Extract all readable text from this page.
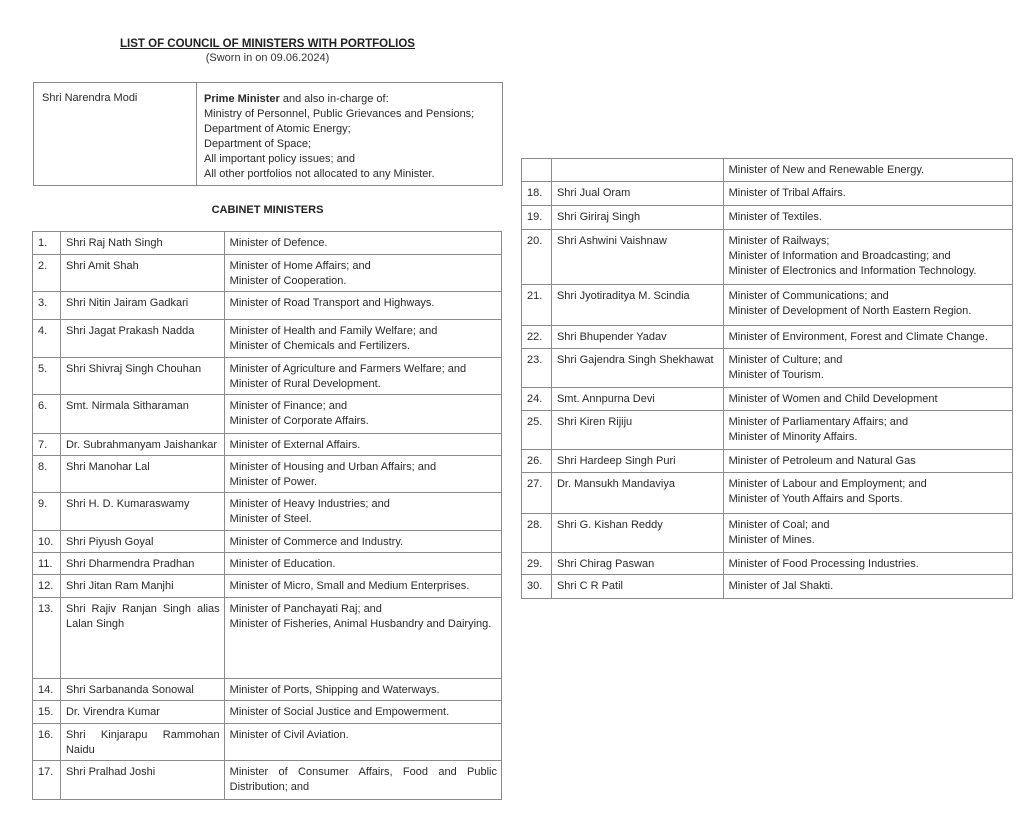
LIST OF COUNCIL OF MINISTERS WITH PORTFOLIOS
(Sworn in on 09.06.2024)
Shri Narendra Modi	Prime Minister and also in-charge of:
Ministry of Personnel, Public Grievances and Pensions;
Department of Atomic Energy;
Department of Space;
All important policy issues; and
All other portfolios not allocated to any Minister.
CABINET MINISTERS
1.	Shri Raj Nath Singh	Minister of Defence.

2.	Shri Amit Shah	Minister of Home Affairs; and
Minister of Cooperation.

3.	Shri Nitin Jairam Gadkari	Minister of Road Transport and Highways.

4.	Shri Jagat Prakash Nadda	Minister of Health and Family Welfare; and
Minister of Chemicals and Fertilizers.

5.	Shri Shivraj Singh Chouhan	Minister of Agriculture and Farmers Welfare; and
Minister of Rural Development.

6.	Smt. Nirmala Sitharaman	Minister of Finance; and
Minister of Corporate Affairs.

7.	Dr. Subrahmanyam Jaishankar	Minister of External Affairs.

8.	Shri Manohar Lal	Minister of Housing and Urban Affairs; and
Minister of Power.

9.	Shri H. D. Kumaraswamy	Minister of Heavy Industries; and
Minister of Steel.

10.	Shri Piyush Goyal	Minister of Commerce and Industry.

11.	Shri Dharmendra Pradhan	Minister of Education.

12.	Shri Jitan Ram Manjhi	Minister of Micro, Small and Medium Enterprises.

13.	Shri Rajiv Ranjan Singh alias Lalan Singh	Minister of Panchayati Raj; and
Minister of Fisheries, Animal Husbandry and Dairying.

14.	Shri Sarbananda Sonowal	Minister of Ports, Shipping and Waterways.

15.	Dr. Virendra Kumar	Minister of Social Justice and Empowerment.

16.	Shri Kinjarapu Rammohan Naidu	Minister of Civil Aviation.

17.	Shri Pralhad Joshi	Minister of Consumer Affairs, Food and Public Distribution; and

		Minister of New and Renewable Energy.

18.	Shri Jual Oram	Minister of Tribal Affairs.

19.	Shri Giriraj Singh	Minister of Textiles.

20.	Shri Ashwini Vaishnaw	Minister of Railways;
Minister of Information and Broadcasting; and
Minister of Electronics and Information Technology.

21.	Shri Jyotiraditya M. Scindia	Minister of Communications; and
Minister of Development of North Eastern Region.

22.	Shri Bhupender Yadav	Minister of Environment, Forest and Climate Change.

23.	Shri Gajendra Singh Shekhawat	Minister of Culture; and
Minister of Tourism.

24.	Smt. Annpurna Devi	Minister of Women and Child Development

25.	Shri Kiren Rijiju	Minister of Parliamentary Affairs; and
Minister of Minority Affairs.

26.	Shri Hardeep Singh Puri	Minister of Petroleum and Natural Gas

27.	Dr. Mansukh Mandaviya	Minister of Labour and Employment; and
Minister of Youth Affairs and Sports.

28.	Shri G. Kishan Reddy	Minister of Coal; and
Minister of Mines.

29.	Shri Chirag Paswan	Minister of Food Processing Industries.

30.	Shri C R Patil	Minister of Jal Shakti.
